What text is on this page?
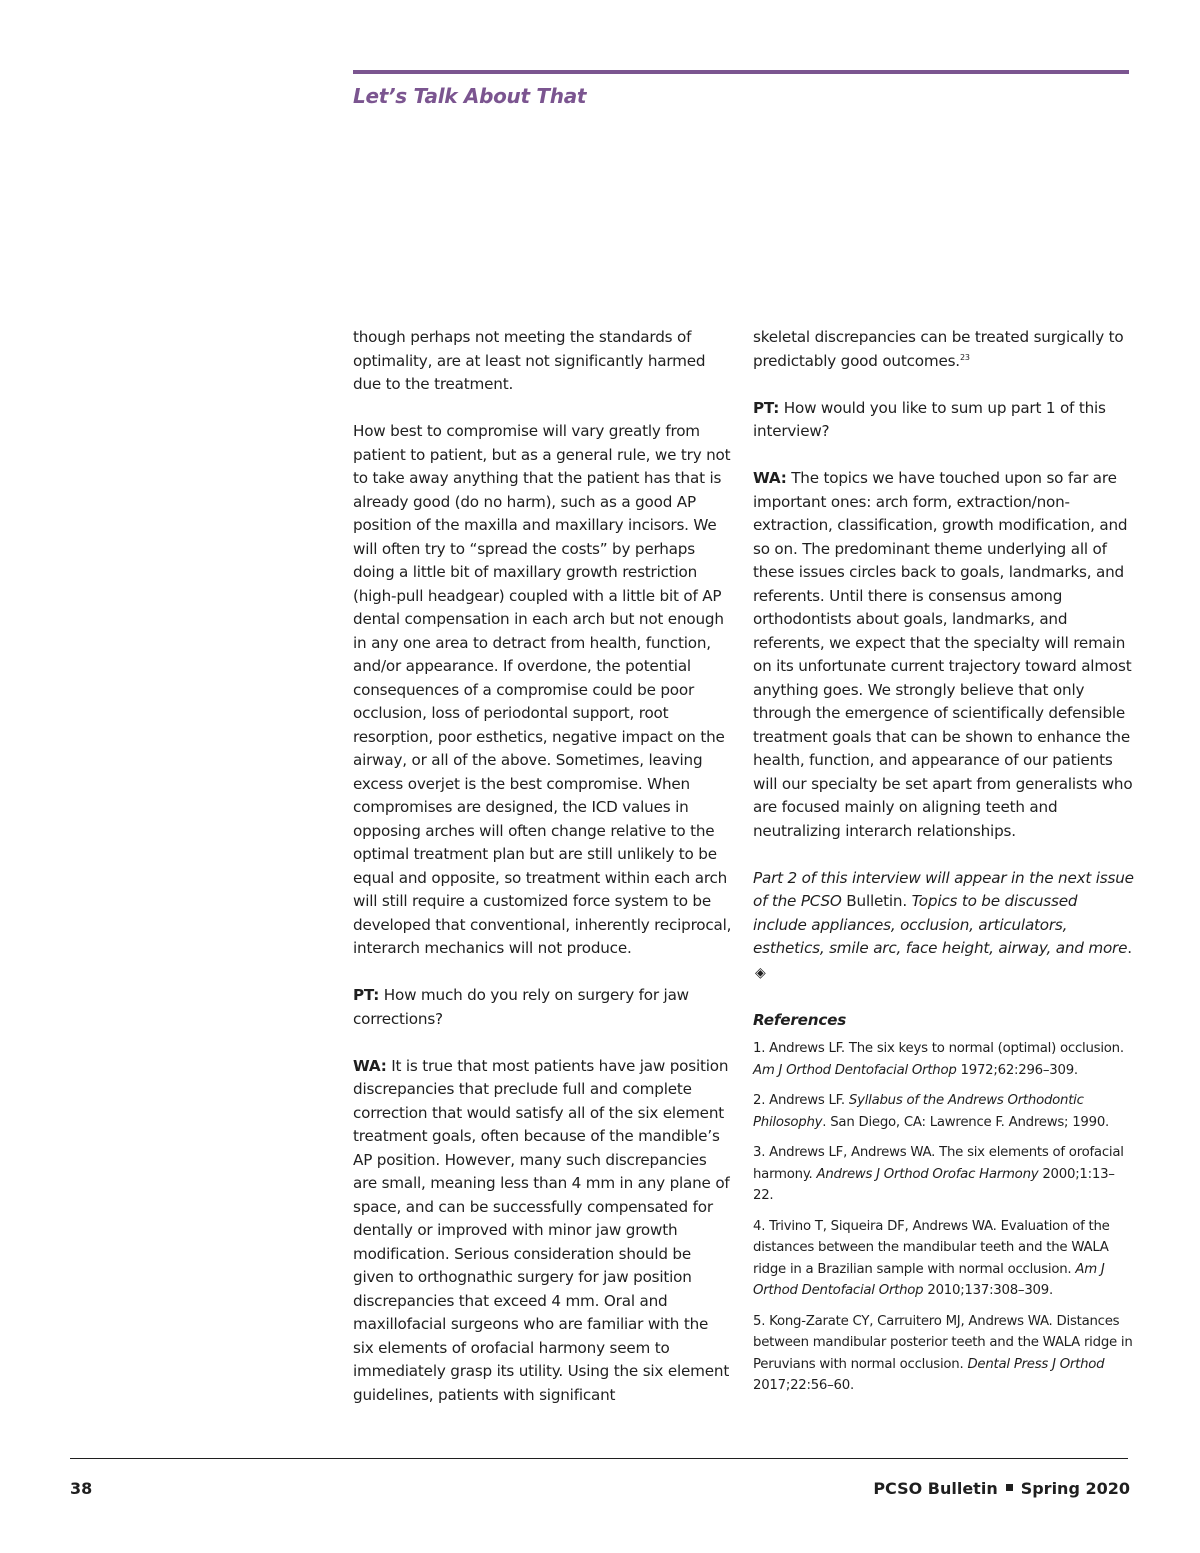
Let’s Talk About That

though perhaps not meeting the standards of optimality, are at least not significantly harmed due to the treatment.

How best to compromise will vary greatly from patient to patient, but as a general rule, we try not to take away anything that the patient has that is already good (do no harm), such as a good AP position of the maxilla and maxillary incisors. We will often try to “spread the costs” by perhaps doing a little bit of maxillary growth restriction (high-pull headgear) coupled with a little bit of AP dental compensation in each arch but not enough in any one area to detract from health, function, and/or appearance. If overdone, the potential consequences of a compromise could be poor occlusion, loss of periodontal support, root resorption, poor esthetics, negative impact on the airway, or all of the above. Sometimes, leaving excess overjet is the best compromise. When compromises are designed, the ICD values in opposing arches will often change relative to the optimal treatment plan but are still unlikely to be equal and opposite, so treatment within each arch will still require a customized force system to be developed that conventional, inherently reciprocal, interarch mechanics will not produce.

PT: How much do you rely on surgery for jaw corrections?

WA: It is true that most patients have jaw position discrepancies that preclude full and complete correction that would satisfy all of the six element treatment goals, often because of the mandible’s AP position. However, many such discrepancies are small, meaning less than 4 mm in any plane of space, and can be successfully compensated for dentally or improved with minor jaw growth modification. Serious consideration should be given to orthognathic surgery for jaw position discrepancies that exceed 4 mm. Oral and maxillofacial surgeons who are familiar with the six elements of orofacial harmony seem to immediately grasp its utility. Using the six element guidelines, patients with significant

skeletal discrepancies can be treated surgically to predictably good outcomes.$^{23}$

PT: How would you like to sum up part 1 of this interview?

WA: The topics we have touched upon so far are important ones: arch form, extraction/non-extraction, classification, growth modification, and so on. The predominant theme underlying all of these issues circles back to goals, landmarks, and referents. Until there is consensus among orthodontists about goals, landmarks, and referents, we expect that the specialty will remain on its unfortunate current trajectory toward almost anything goes. We strongly believe that only through the emergence of scientifically defensible treatment goals that can be shown to enhance the health, function, and appearance of our patients will our specialty be set apart from generalists who are focused mainly on aligning teeth and neutralizing interarch relationships.

Part 2 of this interview will appear in the next issue of the PCSO Bulletin. Topics to be discussed include appliances, occlusion, articulators, esthetics, smile arc, face height, airway, and more. ◈

References

1. Andrews LF. The six keys to normal (optimal) occlusion. Am J Orthod Dentofacial Orthop 1972;62:296–309.
2. Andrews LF. Syllabus of the Andrews Orthodontic Philosophy. San Diego, CA: Lawrence F. Andrews; 1990.
3. Andrews LF, Andrews WA. The six elements of orofacial harmony. Andrews J Orthod Orofac Harmony 2000;1:13–22.
4. Trivino T, Siqueira DF, Andrews WA. Evaluation of the distances between the mandibular teeth and the WALA ridge in a Brazilian sample with normal occlusion. Am J Orthod Dentofacial Orthop 2010;137:308–309.
5. Kong-Zarate CY, Carruitero MJ, Andrews WA. Distances between mandibular posterior teeth and the WALA ridge in Peruvians with normal occlusion. Dental Press J Orthod 2017;22:56–60.
38	PCSO Bulletin Spring 2020
